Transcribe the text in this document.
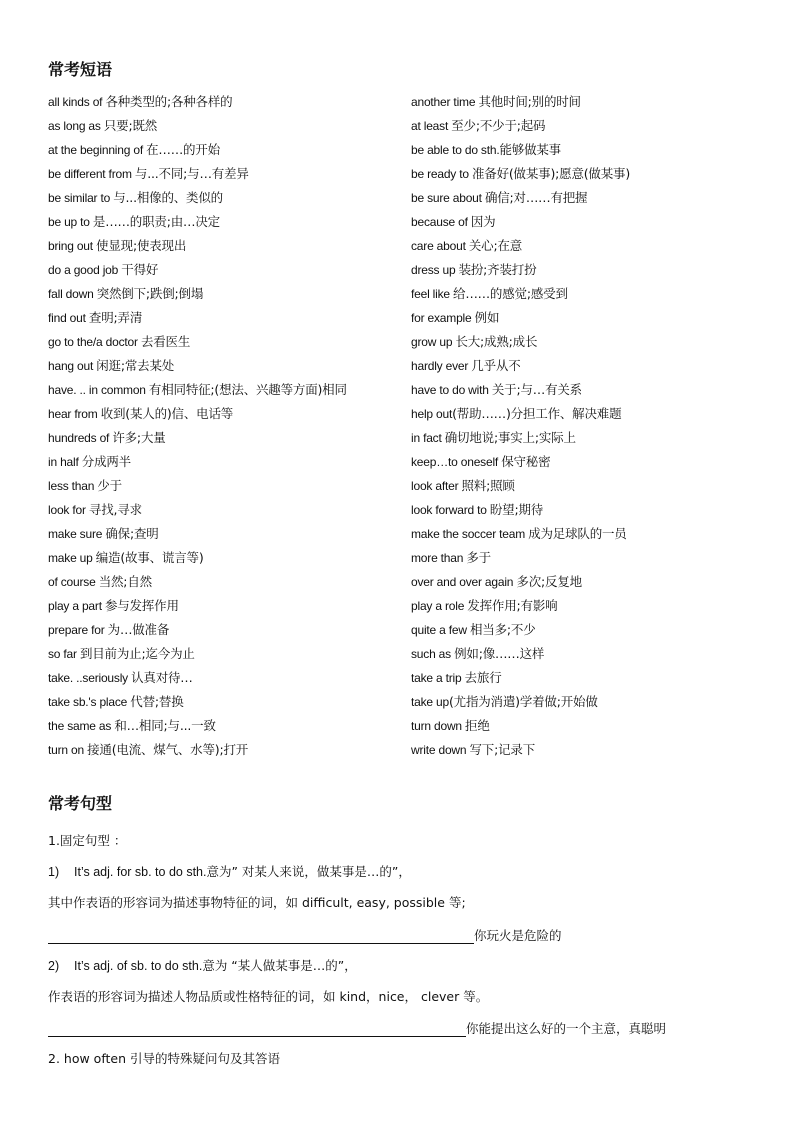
常考短语
all kinds of 各种类型的;各种各样的
as long as 只要;既然
at the beginning of 在……的开始
be different from 与...不同;与…有差异
be similar to 与...相像的、类似的
be up to 是……的职责;由…决定
bring out 使显现;使表现出
do a good job 干得好
fall down 突然倒下;跌倒;倒塌
find out 查明;弄清
go to the/a doctor 去看医生
hang out 闲逛;常去某处
have. .. in common 有相同特征;(想法、兴趣等方面)相同
hear from 收到(某人的)信、电话等
hundreds of 许多;大量
in half 分成两半
less than 少于
look for 寻找,寻求
make sure 确保;查明
make up 编造(故事、谎言等)
of course 当然;自然
play a part 参与发挥作用
prepare for 为…做准备
so far 到目前为止;迄今为止
take. ..seriously 认真对待…
take sb.'s place 代替;替换
the same as 和…相同;与...一致
turn on 接通(电流、煤气、水等);打开
another time 其他时间;别的时间
at least 至少;不少于;起码
be able to do sth.能够做某事
be ready to 准备好(做某事);愿意(做某事)
be sure about 确信;对……有把握
because of 因为
care about 关心;在意
dress up 装扮;齐装打扮
feel like 给……的感觉;感受到
for example 例如
grow up 长大;成熟;成长
hardly ever 几乎从不
have to do with 关于;与…有关系
help out(帮助……)分担工作、解决难题
in fact 确切地说;事实上;实际上
keep…to oneself 保守秘密
look after 照料;照顾
look forward to 盼望;期待
make the soccer team 成为足球队的一员
more than 多于
over and over again 多次;反复地
play a role 发挥作用;有影响
quite a few 相当多;不少
such as 例如;像……这样
take a trip 去旅行
take up(尤指为消遣)学着做;开始做
turn down 拒绝
write down 写下;记录下
常考句型

1.固定句型 ：

1) It’s adj. for sb. to do sth.意为” 对某人来说，做某事是…的”，

其中作表语的形容词为描述事物特征的词，如 difficult, easy, possible 等;

你玩火是危险的

2) It’s adj. of sb. to do sth.意为 “某人做某事是…的”，

作表语的形容词为描述人物品质或性格特征的词，如 kind，nice， clever 等。

你能提出这么好的一个主意，真聪明

2. how often 引导的特殊疑问句及其答语
